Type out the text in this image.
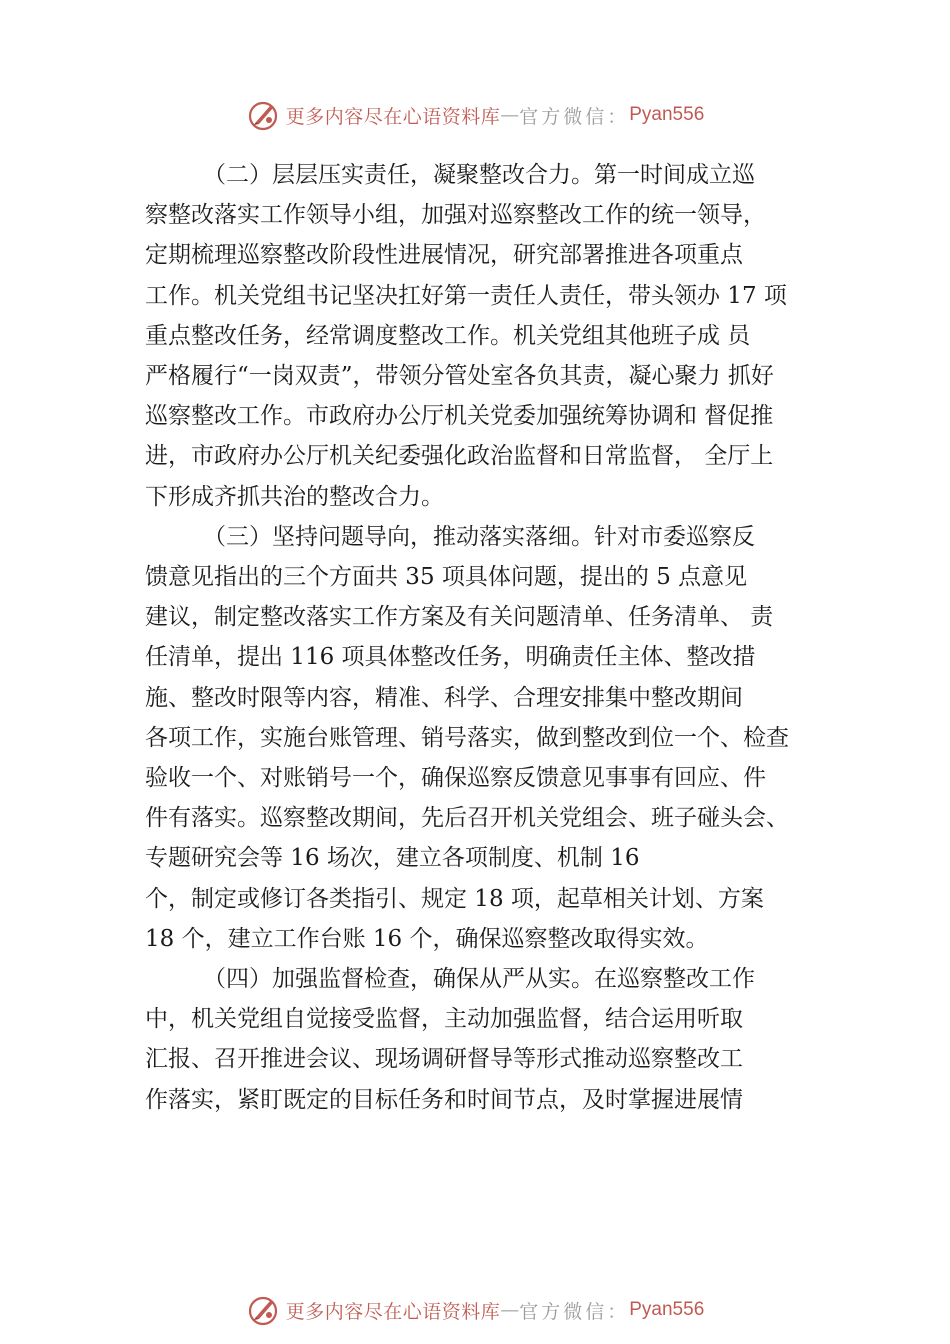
更多内容尽在心语资料库 — 官方微信： Pyan556

（二）层层压实责任，凝聚整改合力。第一时间成立巡
察整改落实工作领导小组，加强对巡察整改工作的统一领导，
定期梳理巡察整改阶段性进展情况，研究部署推进各项重点
工作。机关党组书记坚决扛好第一责任人责任，带头领办 17 项
重点整改任务，经常调度整改工作。机关党组其他班子成 员
严格履行“一岗双责”，带领分管处室各负其责，凝心聚力 抓好
巡察整改工作。市政府办公厅机关党委加强统筹协调和 督促推
进，市政府办公厅机关纪委强化政治监督和日常监督， 全厅上
下形成齐抓共治的整改合力。

（三）坚持问题导向，推动落实落细。针对市委巡察反
馈意见指出的三个方面共 35 项具体问题，提出的 5 点意见
建议，制定整改落实工作方案及有关问题清单、任务清单、 责
任清单，提出 116 项具体整改任务，明确责任主体、整改措
施、整改时限等内容，精准、科学、合理安排集中整改期间
各项工作，实施台账管理、销号落实，做到整改到位一个、检查
验收一个、对账销号一个，确保巡察反馈意见事事有回应、件
件有落实。巡察整改期间，先后召开机关党组会、班子碰头会、
专题研究会等 16 场次，建立各项制度、机制 16
个，制定或修订各类指引、规定 18 项，起草相关计划、方案
18 个，建立工作台账 16 个，确保巡察整改取得实效。

（四）加强监督检查，确保从严从实。在巡察整改工作
中，机关党组自觉接受监督，主动加强监督，结合运用听取
汇报、召开推进会议、现场调研督导等形式推动巡察整改工
作落实，紧盯既定的目标任务和时间节点，及时掌握进展情

更多内容尽在心语资料库 — 官方微信： Pyan556
